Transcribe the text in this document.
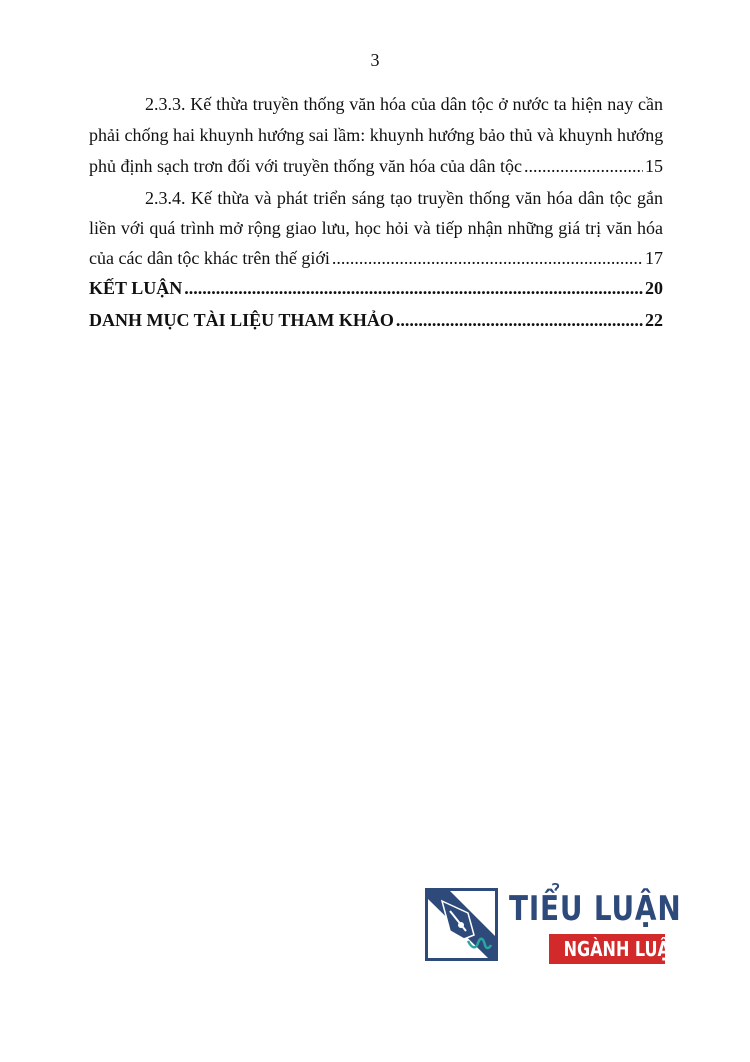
3
2.3.3. Kế thừa truyền thống văn hóa của dân tộc ở nước ta hiện nay cần
phải chống hai khuynh hướng sai lầm: khuynh hướng bảo thủ và khuynh hướng
phủ định sạch trơn đối với truyền thống văn hóa của dân tộc .....	15
2.3.4. Kế thừa và phát triển sáng tạo truyền thống văn hóa dân tộc gắn
liền với quá trình mở rộng giao lưu, học hỏi và tiếp nhận những giá trị văn hóa
của các dân tộc khác trên thế giới .....	17
KẾT LUẬN .....	20
DANH MỤC TÀI LIỆU THAM KHẢO .....	22
TIỂU LUẬN
NGÀNH LUẬT
